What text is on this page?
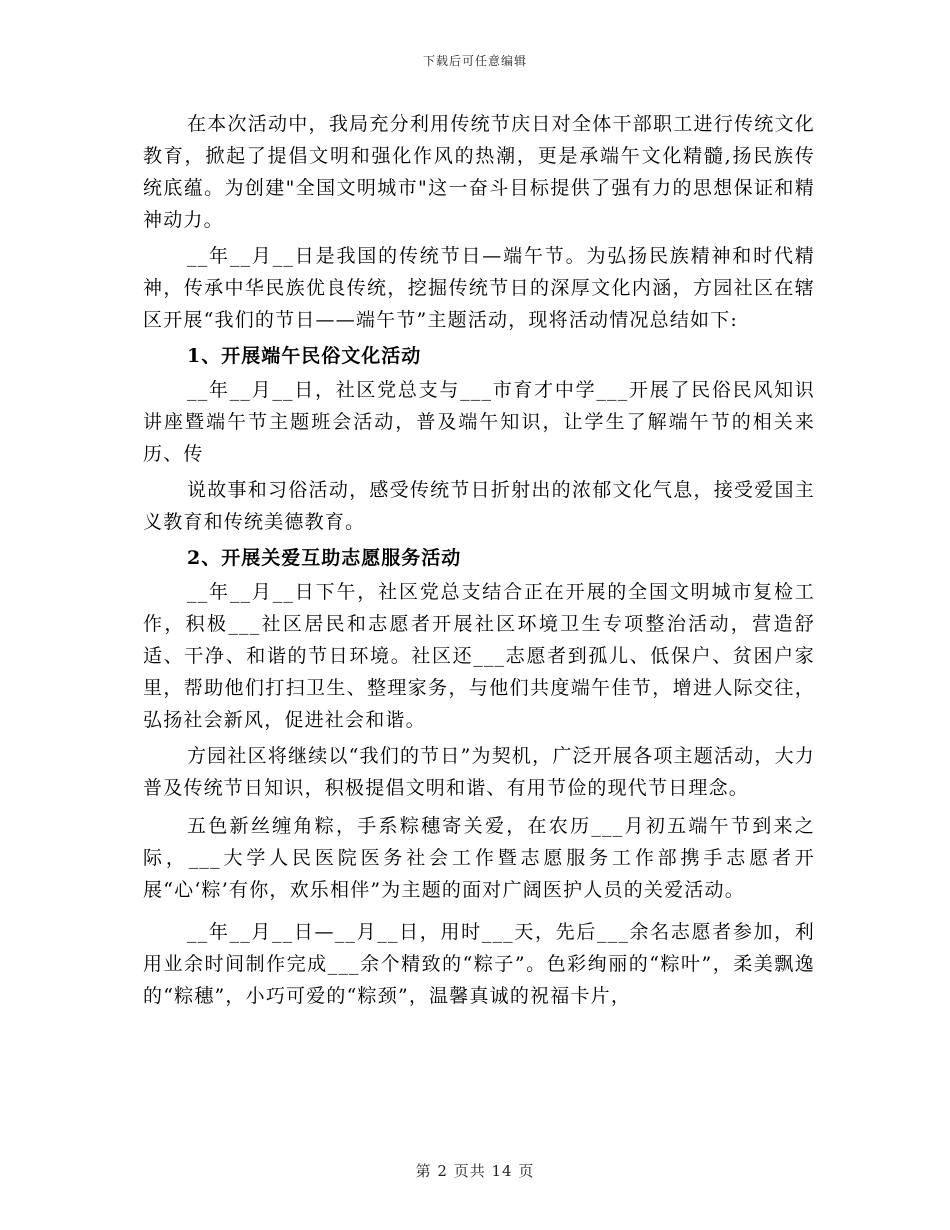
下载后可任意编辑

在本次活动中，我局充分利用传统节庆日对全体干部职工进行传统文化教育，掀起了提倡文明和强化作风的热潮，更是承端午文化精髓,扬民族传统底蕴。为创建"全国文明城市"这一奋斗目标提供了强有力的思想保证和精神动力。

__年__月__日是我国的传统节日—端午节。为弘扬民族精神和时代精神，传承中华民族优良传统，挖掘传统节日的深厚文化内涵，方园社区在辖区开展“我们的节日——端午节”主题活动，现将活动情况总结如下:

1、开展端午民俗文化活动

__年__月__日，社区党总支与___市育才中学___开展了民俗民风知识讲座暨端午节主题班会活动，普及端午知识，让学生了解端午节的相关来历、传

说故事和习俗活动，感受传统节日折射出的浓郁文化气息，接受爱国主义教育和传统美德教育。

2、开展关爱互助志愿服务活动

__年__月__日下午，社区党总支结合正在开展的全国文明城市复检工作，积极___社区居民和志愿者开展社区环境卫生专项整治活动，营造舒适、干净、和谐的节日环境。社区还___志愿者到孤儿、低保户、贫困户家里，帮助他们打扫卫生、整理家务，与他们共度端午佳节，增进人际交往，弘扬社会新风，促进社会和谐。

方园社区将继续以“我们的节日”为契机，广泛开展各项主题活动，大力普及传统节日知识，积极提倡文明和谐、有用节俭的现代节日理念。

五色新丝缠角粽，手系粽穗寄关爱，在农历___月初五端午节到来之际，___大学人民医院医务社会工作暨志愿服务工作部携手志愿者开展“心‘粽’有你，欢乐相伴”为主题的面对广阔医护人员的关爱活动。

__年__月__日—__月__日，用时___天，先后___余名志愿者参加，利用业余时间制作完成___余个精致的“粽子”。色彩绚丽的“粽叶”，柔美飘逸的“粽穗”，小巧可爱的“粽颈”，温馨真诚的祝福卡片，

第 2 页共 14 页
